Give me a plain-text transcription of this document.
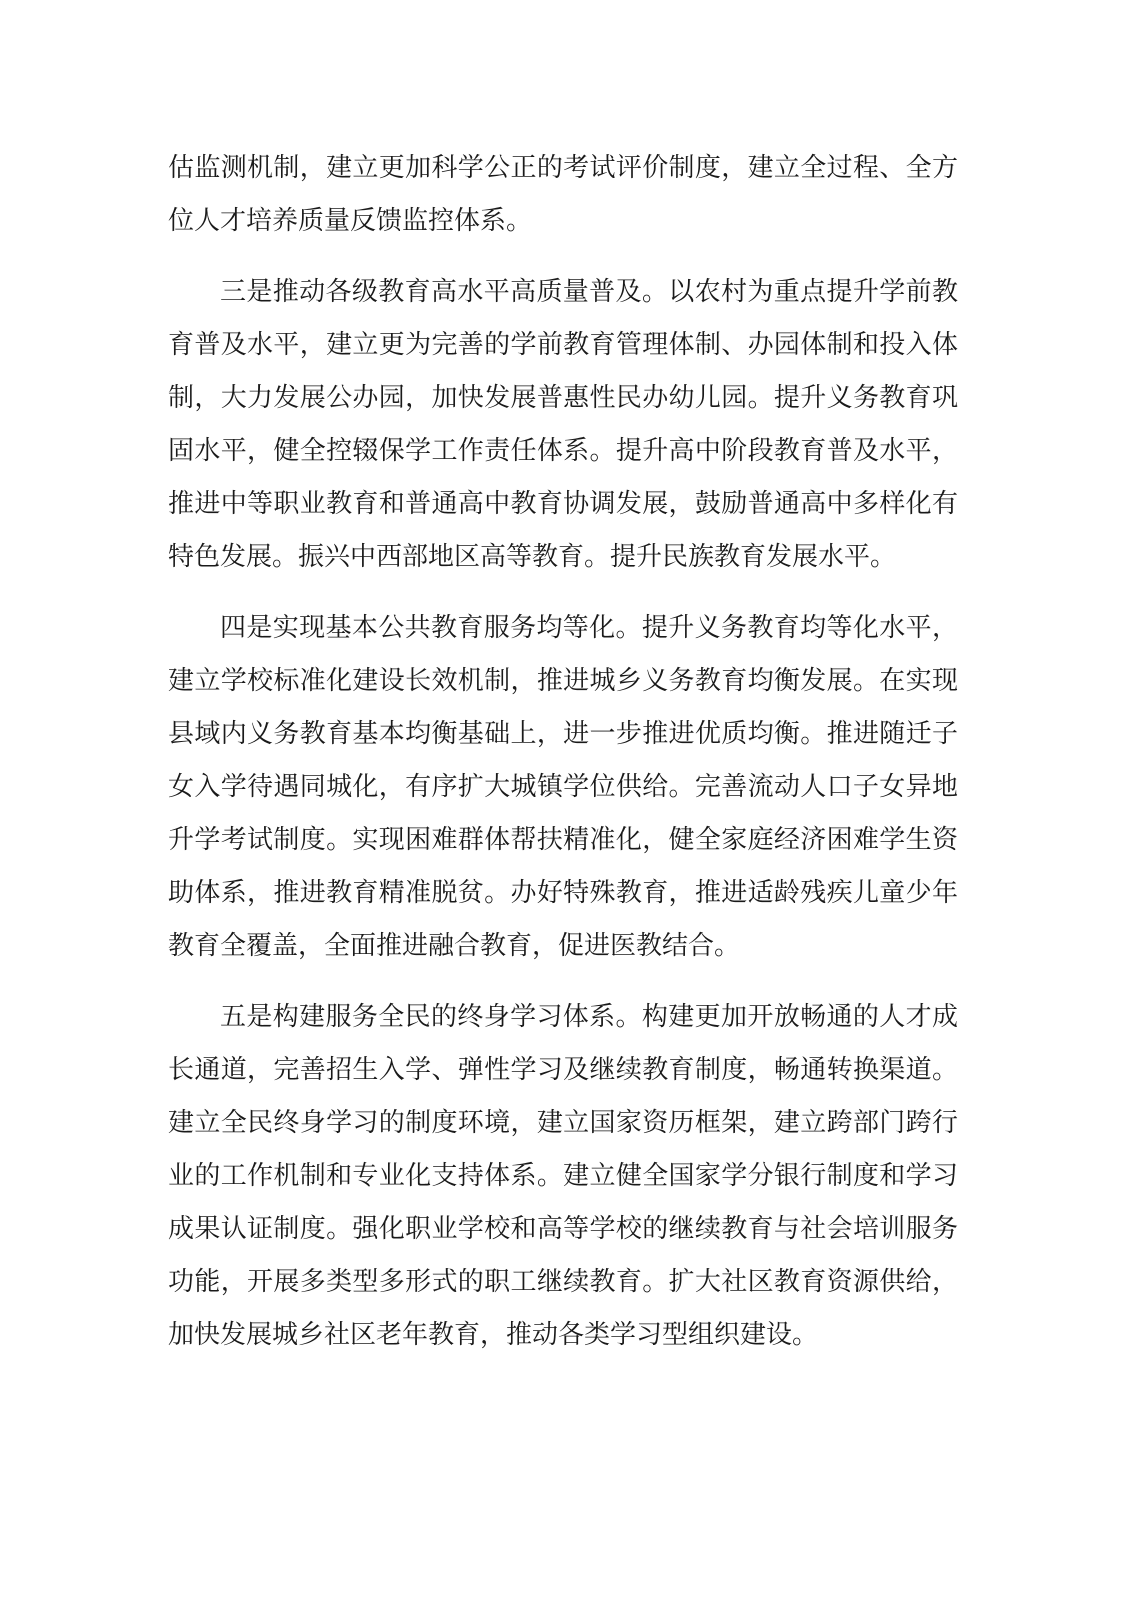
估监测机制，建立更加科学公正的考试评价制度，建立全过程、全方位人才培养质量反馈监控体系。

三是推动各级教育高水平高质量普及。以农村为重点提升学前教育普及水平，建立更为完善的学前教育管理体制、办园体制和投入体制，大力发展公办园，加快发展普惠性民办幼儿园。提升义务教育巩固水平，健全控辍保学工作责任体系。提升高中阶段教育普及水平，推进中等职业教育和普通高中教育协调发展，鼓励普通高中多样化有特色发展。振兴中西部地区高等教育。提升民族教育发展水平。

四是实现基本公共教育服务均等化。提升义务教育均等化水平，建立学校标准化建设长效机制，推进城乡义务教育均衡发展。在实现县域内义务教育基本均衡基础上，进一步推进优质均衡。推进随迁子女入学待遇同城化，有序扩大城镇学位供给。完善流动人口子女异地升学考试制度。实现困难群体帮扶精准化，健全家庭经济困难学生资助体系，推进教育精准脱贫。办好特殊教育，推进适龄残疾儿童少年教育全覆盖，全面推进融合教育，促进医教结合。

五是构建服务全民的终身学习体系。构建更加开放畅通的人才成长通道，完善招生入学、弹性学习及继续教育制度，畅通转换渠道。建立全民终身学习的制度环境，建立国家资历框架，建立跨部门跨行业的工作机制和专业化支持体系。建立健全国家学分银行制度和学习成果认证制度。强化职业学校和高等学校的继续教育与社会培训服务功能，开展多类型多形式的职工继续教育。扩大社区教育资源供给，加快发展城乡社区老年教育，推动各类学习型组织建设。
